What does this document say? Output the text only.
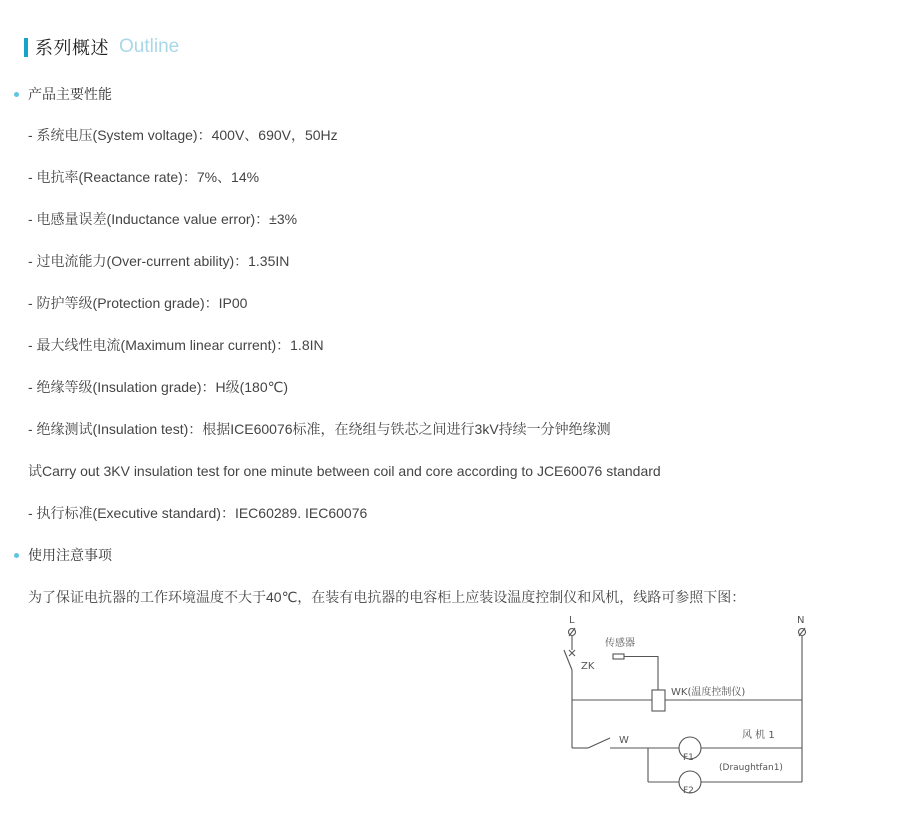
系列概述 Outline
产品主要性能
- 系统电压(System voltage)：400V、690V，50Hz
- 电抗率(Reactance rate)：7%、14%
- 电感量误差(Inductance value error)：±3%
- 过电流能力(Over-current ability)：1.35IN
- 防护等级(Protection grade)：IP00
- 最大线性电流(Maximum linear current)：1.8IN
- 绝缘等级(Insulation grade)：H级(180℃)
- 绝缘测试(Insulation test)：根据ICE60076标准，在绕组与铁芯之间进行3kV持续一分钟绝缘测
试Carry out 3KV insulation test for one minute between coil and core according to JCE60076 standard
- 执行标准(Executive standard)：IEC60289. IEC60076
使用注意事项
为了保证电抗器的工作环境温度不大于40℃，在装有电抗器的电容柜上应装设温度控制仪和风机，线路可参照下图：
L	N
传感器
ZK
WK(温度控制仪)
W	风 机 1
F1
F2
(Draughtfan1)
